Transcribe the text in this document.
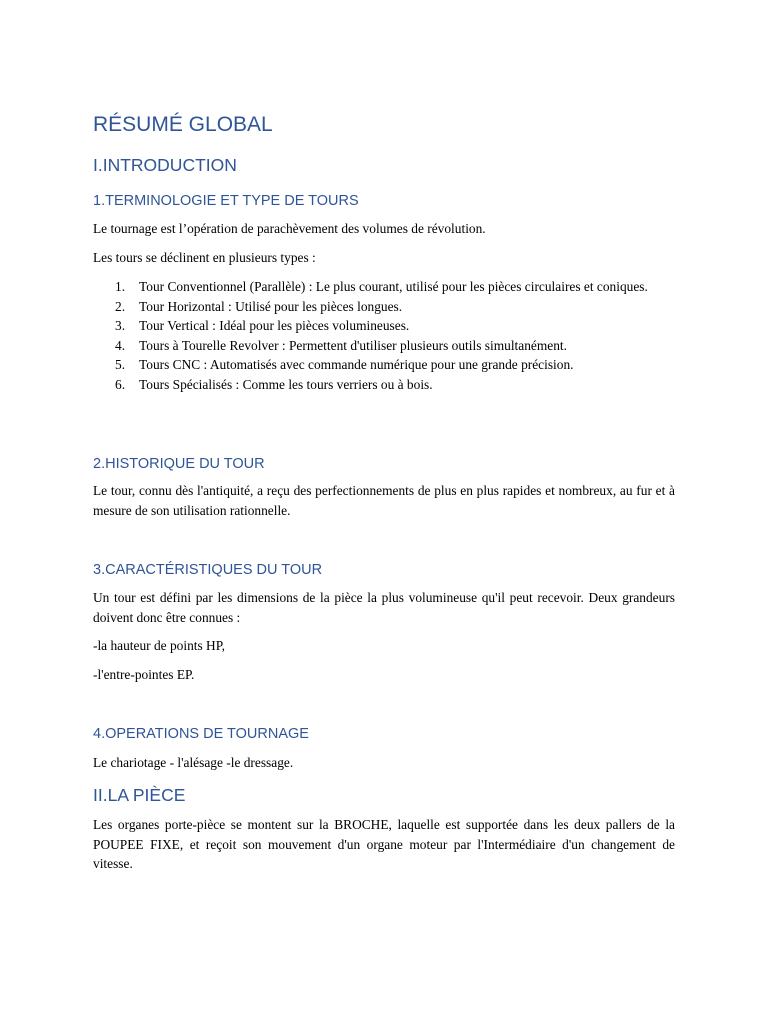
RÉSUMÉ GLOBAL
I.INTRODUCTION
1.TERMINOLOGIE ET TYPE DE TOURS

Le tournage est l’opération de parachèvement des volumes de révolution.

Les tours se déclinent en plusieurs types :

1. Tour Conventionnel (Parallèle) : Le plus courant, utilisé pour les pièces circulaires et coniques.
2. Tour Horizontal : Utilisé pour les pièces longues.
3. Tour Vertical : Idéal pour les pièces volumineuses.
4. Tours à Tourelle Revolver : Permettent d'utiliser plusieurs outils simultanément.
5. Tours CNC : Automatisés avec commande numérique pour une grande précision.
6. Tours Spécialisés : Comme les tours verriers ou à bois.
2.HISTORIQUE DU TOUR

Le tour, connu dès l'antiquité, a reçu des perfectionnements de plus en plus rapides et nombreux, au fur et à mesure de son utilisation rationnelle.

3.CARACTÉRISTIQUES DU TOUR

Un tour est défini par les dimensions de la pièce la plus volumineuse qu'il peut recevoir. Deux grandeurs doivent donc être connues :

-la hauteur de points HP,

-l'entre-pointes EP.

4.OPERATIONS DE TOURNAGE

Le chariotage - l'alésage -le dressage.

II.LA PIÈCE

Les organes porte-pièce se montent sur la BROCHE, laquelle est supportée dans les deux pallers de la POUPEE FIXE, et reçoit son mouvement d'un organe moteur par l'Intermédiaire d'un changement de vitesse.
